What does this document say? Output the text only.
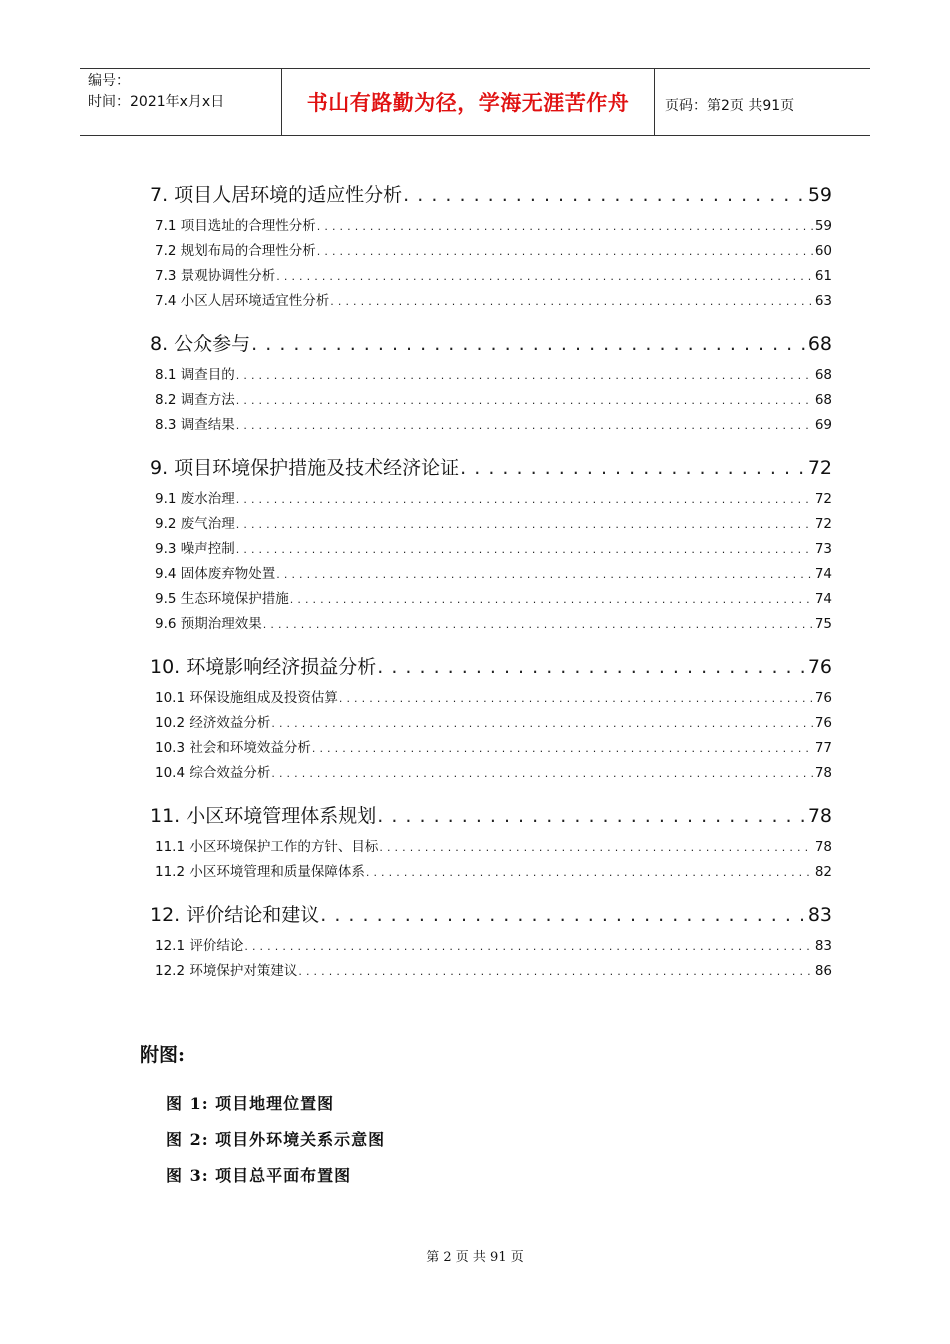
编号：
时间：2021年x月x日	书山有路勤为径，学海无涯苦作舟	页码：第2页 共91页
7. 项目人居环境的适应性分析 . . .	59
7.1 项目选址的合理性分析 . . .	59
7.2 规划布局的合理性分析 . . .	60
7.3 景观协调性分析 . . .	61
7.4 小区人居环境适宜性分析 . . .	63
8. 公众参与 . . .	68
8.1 调查目的 . . .	68
8.2 调查方法 . . .	68
8.3 调查结果 . . .	69
9. 项目环境保护措施及技术经济论证 . . .	72
9.1 废水治理 . . .	72
9.2 废气治理 . . .	72
9.3 噪声控制 . . .	73
9.4 固体废弃物处置 . . .	74
9.5 生态环境保护措施 . . .	74
9.6 预期治理效果 . . .	75
10. 环境影响经济损益分析 . . .	76
10.1 环保设施组成及投资估算 . . .	76
10.2 经济效益分析 . . .	76
10.3 社会和环境效益分析 . . .	77
10.4 综合效益分析 . . .	78
11. 小区环境管理体系规划 . . .	78
11.1 小区环境保护工作的方针、目标 . . .	78
11.2 小区环境管理和质量保障体系 . . .	82
12. 评价结论和建议 . . .	83
12.1 评价结论 . . .	83
12.2 环境保护对策建议 . . .	86
附图:
图 1: 项目地理位置图
图 2: 项目外环境关系示意图
图 3: 项目总平面布置图
第 2 页 共 91 页
